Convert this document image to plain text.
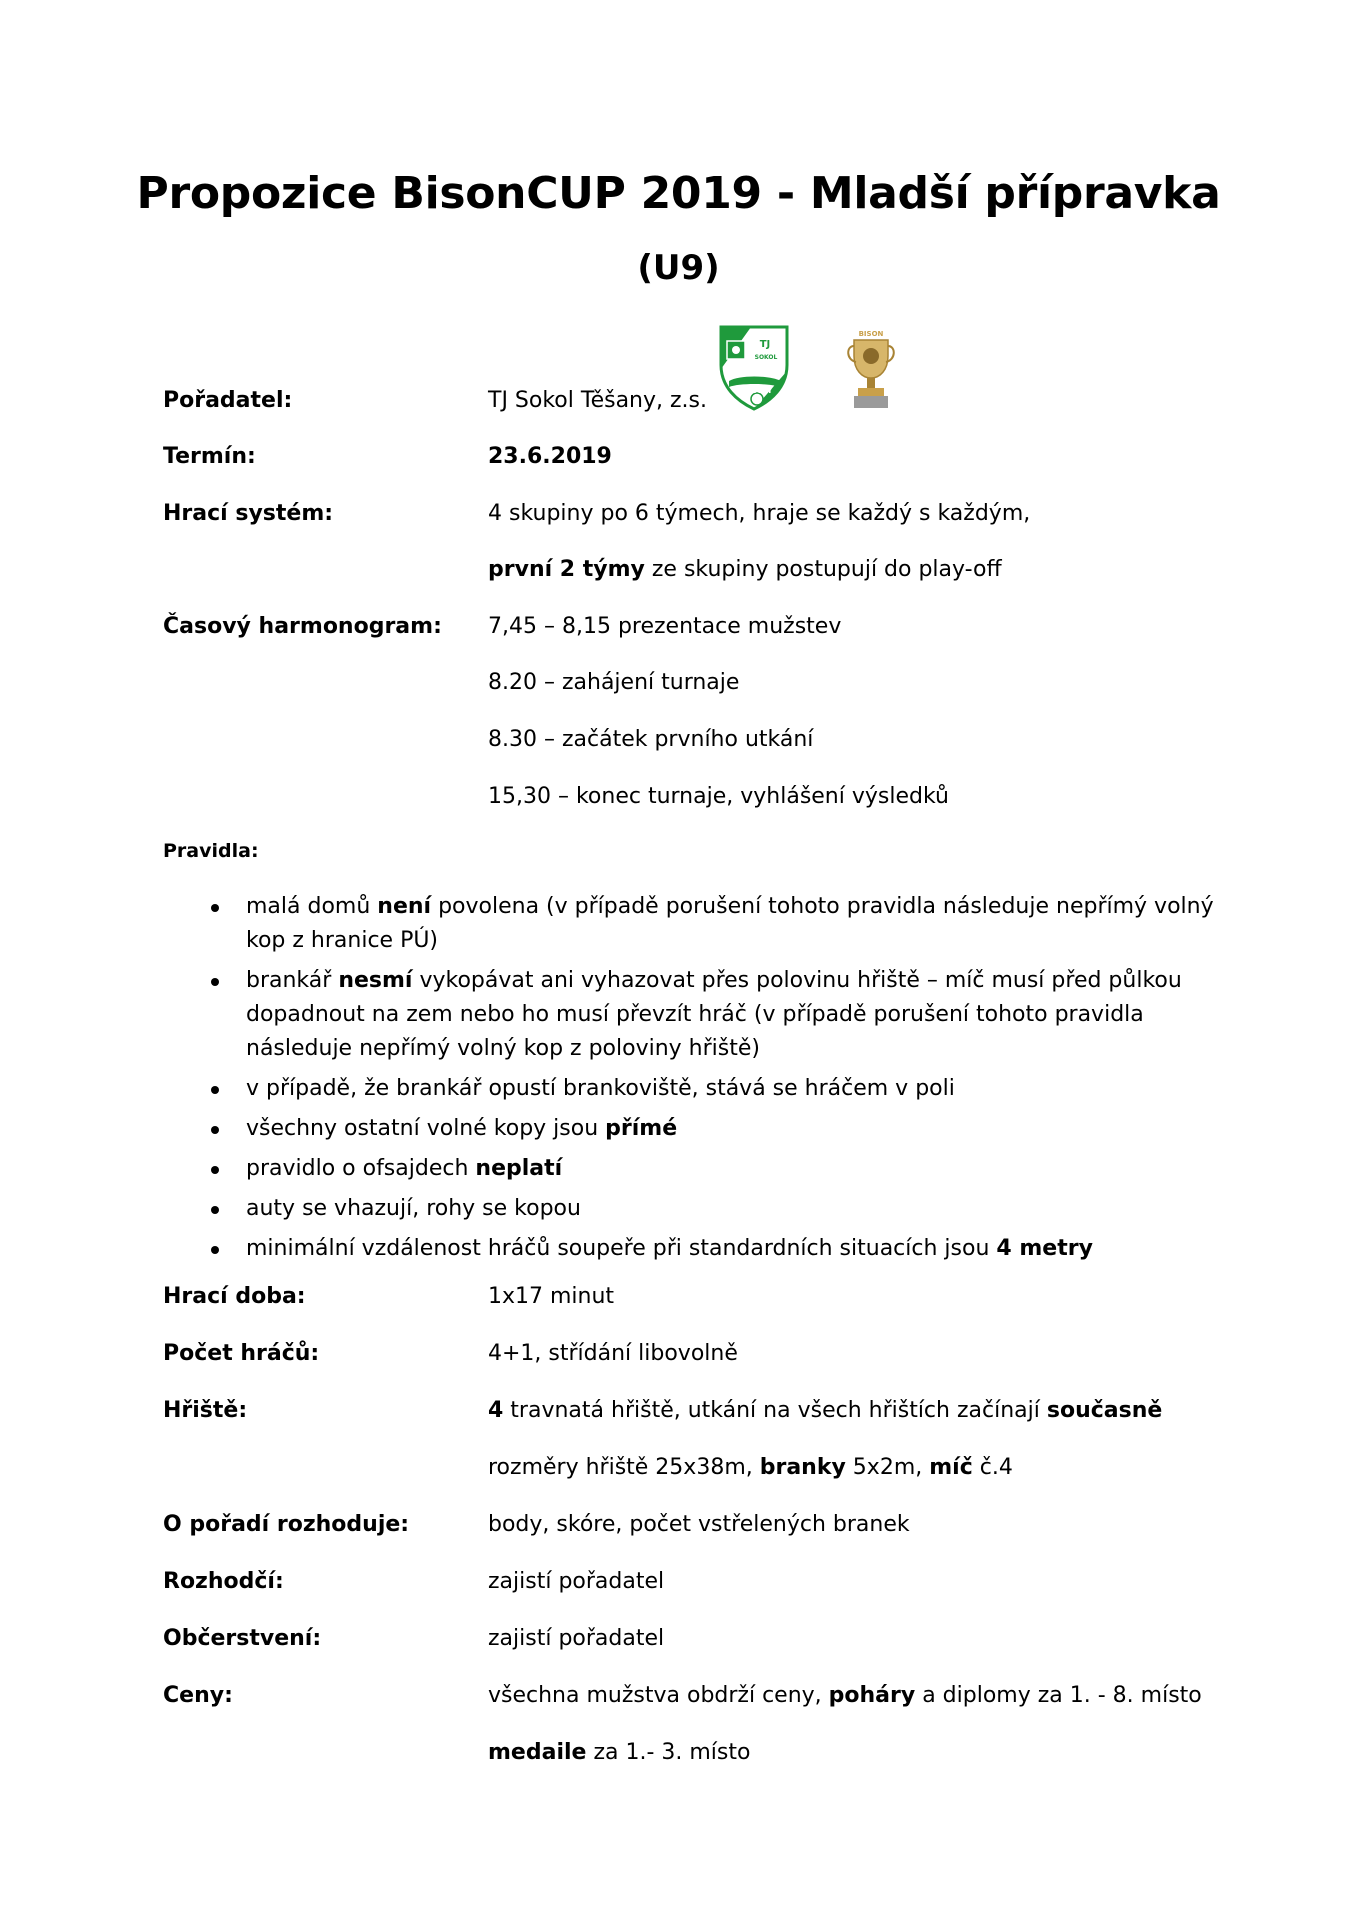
Propozice BisonCUP 2019 - Mladší přípravka
(U9)
TJ
SOKOL
TĚŠANY
BISON
Pořadatel:	TJ Sokol Těšany, z.s.
Termín:	23.6.2019
Hrací systém:	4 skupiny po 6 týmech, hraje se každý s každým,
první 2 týmy ze skupiny postupují do play-off
Časový harmonogram: 7,45 – 8,15 prezentace mužstev
8.20 – zahájení turnaje
8.30 – začátek prvního utkání
15,30 – konec turnaje, vyhlášení výsledků
Pravidla:
malá domů není povolena (v případě porušení tohoto pravidla následuje nepřímý volný kop z hranice PÚ)
brankář nesmí vykopávat ani vyhazovat přes polovinu hřiště – míč musí před půlkou dopadnout na zem nebo ho musí převzít hráč (v případě porušení tohoto pravidla následuje nepřímý volný kop z poloviny hřiště)
v případě, že brankář opustí brankoviště, stává se hráčem v poli
všechny ostatní volné kopy jsou přímé
pravidlo o ofsajdech neplatí
auty se vhazují, rohy se kopou
minimální vzdálenost hráčů soupeře při standardních situacích jsou 4 metry
Hrací doba:	1x17 minut
Počet hráčů:	4+1, střídání libovolně
Hřiště:	4 travnatá hřiště, utkání na všech hřištích začínají současně
rozměry hřiště 25x38m, branky 5x2m, míč č.4
O pořadí rozhoduje:	body, skóre, počet vstřelených branek
Rozhodčí:	zajistí pořadatel
Občerstvení:	zajistí pořadatel
Ceny:	všechna mužstva obdrží ceny, poháry a diplomy za 1. - 8. místo
medaile za 1.- 3. místo
